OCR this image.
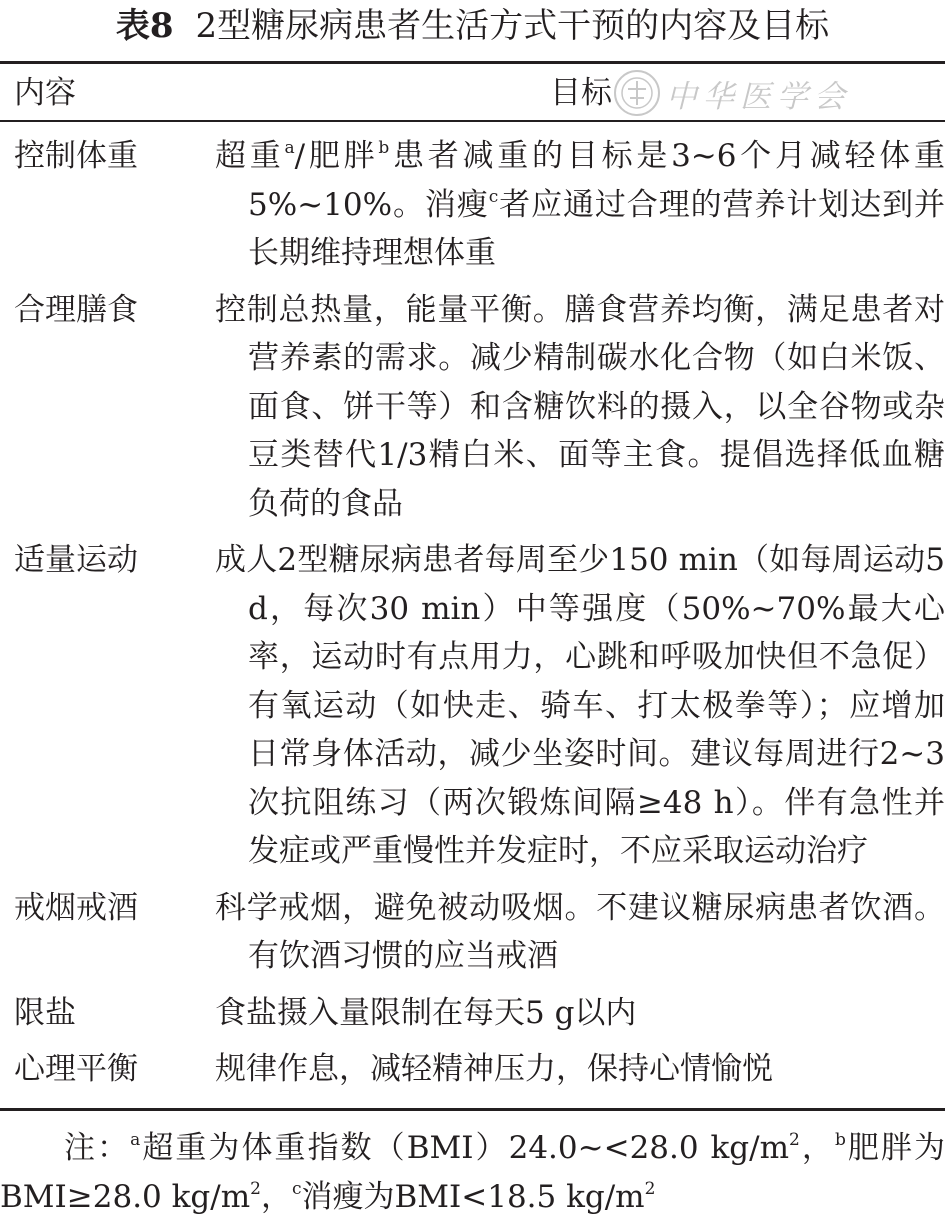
表8 2型糖尿病患者生活方式干预的内容及目标
内容	目标 中华医学会
控制体重	超重$^a$/肥胖$^b$患者减重的目标是3~6个月减轻体重5%~10%。消瘦$^c$者应通过合理的营养计划达到并长期维持理想体重
合理膳食	控制总热量，能量平衡。膳食营养均衡，满足患者对营养素的需求。减少精制碳水化合物（如白米饭、面食、饼干等）和含糖饮料的摄入，以全谷物或杂豆类替代1/3精白米、面等主食。提倡选择低血糖负荷的食品
适量运动	成人2型糖尿病患者每周至少150 min（如每周运动5 d，每次30 min）中等强度（50%~70%最大心率，运动时有点用力，心跳和呼吸加快但不急促）有氧运动（如快走、骑车、打太极拳等）；应增加日常身体活动，减少坐姿时间。建议每周进行2~3次抗阻练习（两次锻炼间隔≥48 h）。伴有急性并发症或严重慢性并发症时，不应采取运动治疗
戒烟戒酒	科学戒烟，避免被动吸烟。不建议糖尿病患者饮酒。有饮酒习惯的应当戒酒
限盐	食盐摄入量限制在每天5 g以内
心理平衡	规律作息，减轻精神压力，保持心情愉悦
注：$^a$超重为体重指数（BMI）24.0~<28.0 $kg/m^2$，$^b$肥胖为BMI≥28.0 $kg/m^2$，$^c$消瘦为BMI<18.5 $kg/m^2$
